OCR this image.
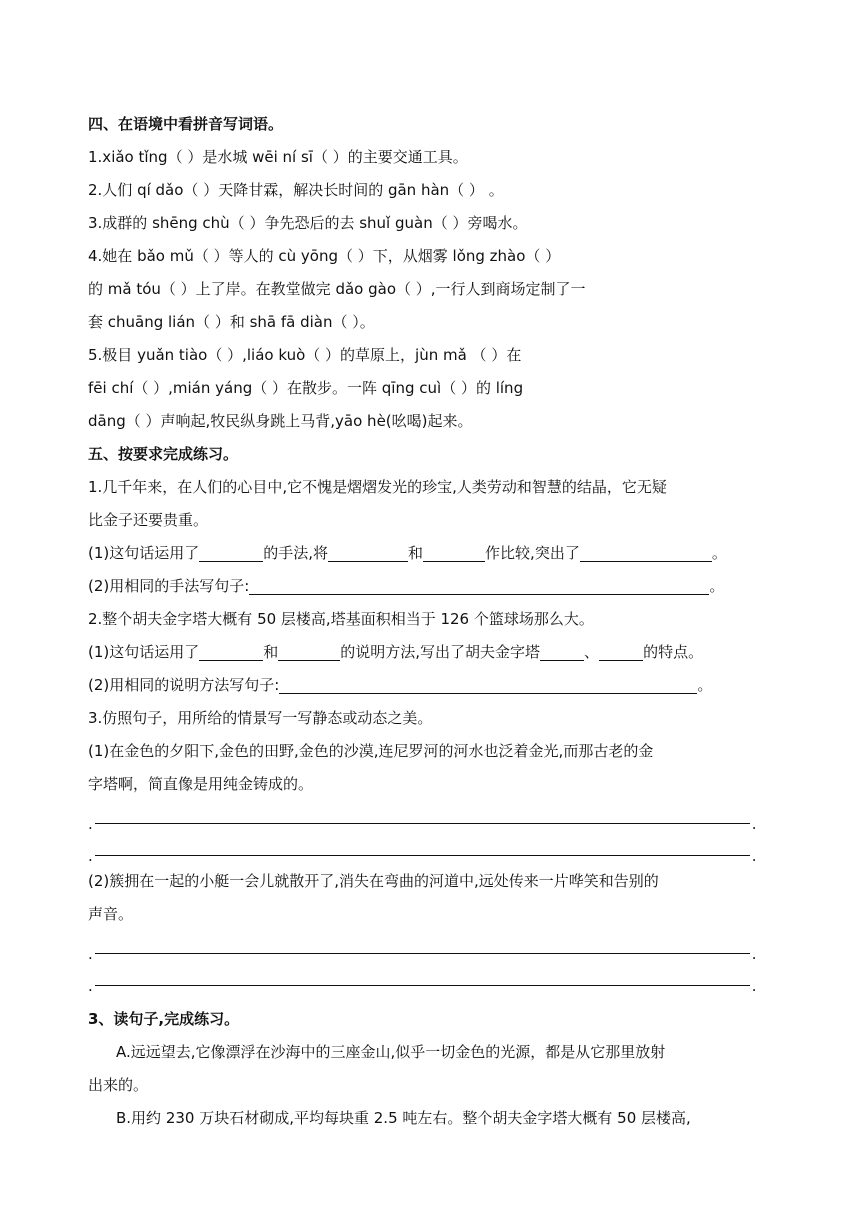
四、在语境中看拼音写词语。
1.xiǎo tǐng（ ）是水城 wēi ní sī（ ）的主要交通工具。
2.人们 qí dǎo（ ）天降甘霖，解决长时间的 gān hàn（ ） 。
3.成群的 shēng chù（ ）争先恐后的去 shuǐ guàn（ ）旁喝水。
4.她在 bǎo mǔ（ ）等人的 cù yōng（ ）下，从烟雾 lǒng zhào（ ）
的 mǎ tóu（ ）上了岸。在教堂做完 dǎo gào（ ）,一行人到商场定制了一
套 chuāng lián（ ）和 shā fā diàn（ ）。
5.极目 yuǎn tiào（ ）,liáo kuò（ ）的草原上，jùn mǎ （ ）在
fēi chí（ ）,mián yáng（ ）在散步。一阵 qīng cuì（ ）的 líng
dāng（ ）声响起,牧民纵身跳上马背,yāo hè(吆喝)起来。
五、按要求完成练习。
1.几千年来，在人们的心目中,它不愧是熠熠发光的珍宝,人类劳动和智慧的结晶，它无疑
比金子还要贵重。
(1)这句话运用了	的手法,将	和	作比较,突出了	。
(2)用相同的手法写句子:	。
2.整个胡夫金字塔大概有 50 层楼高,塔基面积相当于 126 个篮球场那么大。
(1)这句话运用了	和	的说明方法,写出了胡夫金字塔	、	的特点。
(2)用相同的说明方法写句子:	。
3.仿照句子，用所给的情景写一写静态或动态之美。
(1)在金色的夕阳下,金色的田野,金色的沙漠,连尼罗河的河水也泛着金光,而那古老的金
字塔啊，简直像是用纯金铸成的。
.	.
.	.
(2)簇拥在一起的小艇一会儿就散开了,消失在弯曲的河道中,远处传来一片哗笑和告别的
声音。
.	.
.	.
3、读句子,完成练习。
A.远远望去,它像漂浮在沙海中的三座金山,似乎一切金色的光源，都是从它那里放射
出来的。
B.用约 230 万块石材砌成,平均每块重 2.5 吨左右。整个胡夫金字塔大概有 50 层楼高,
